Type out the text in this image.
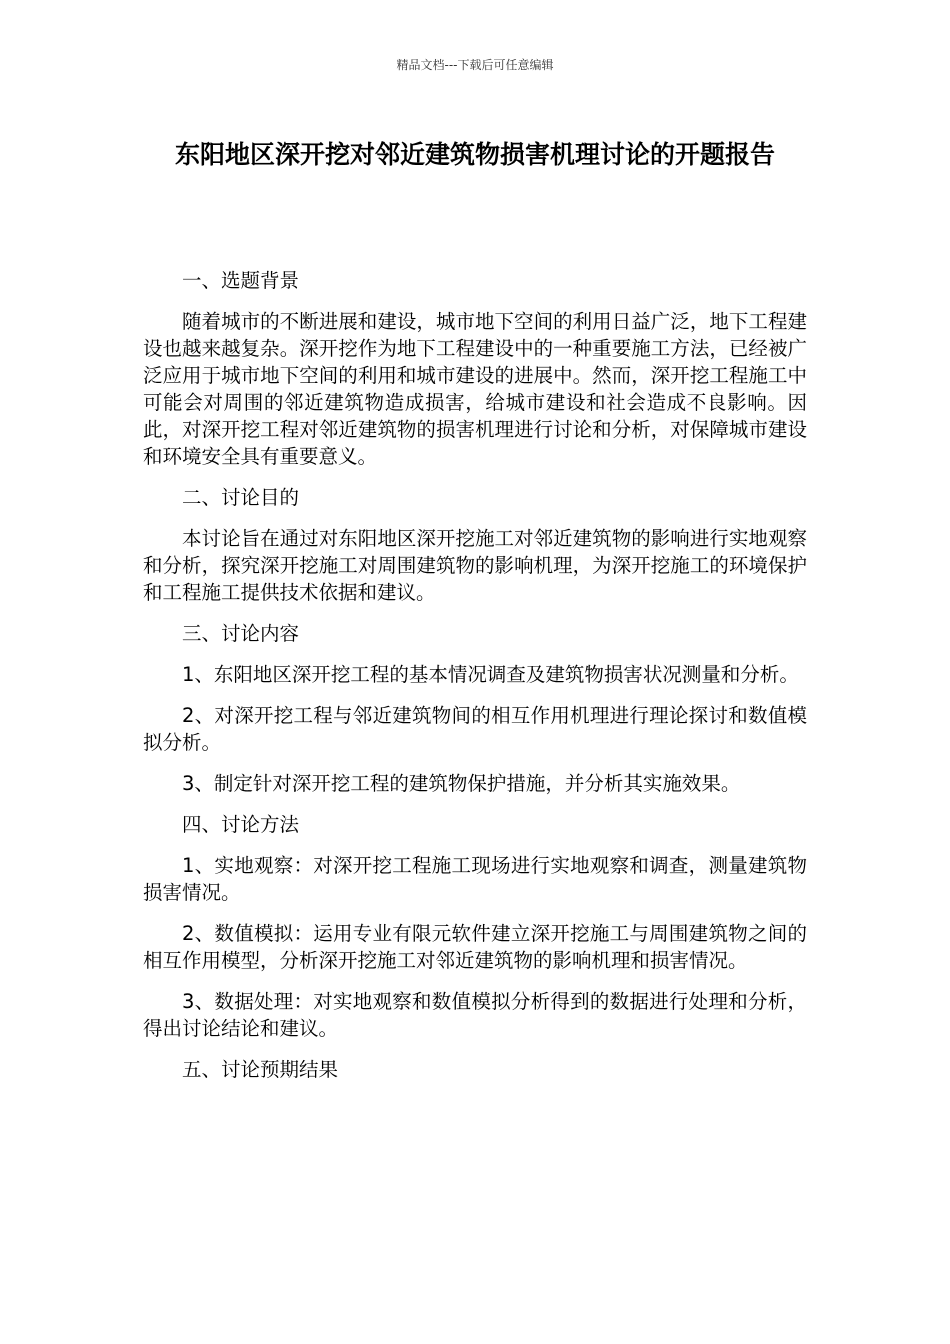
精品文档---下载后可任意编辑
东阳地区深开挖对邻近建筑物损害机理讨论的开题报告

一、选题背景

随着城市的不断进展和建设，城市地下空间的利用日益广泛，地下工程建设也越来越复杂。深开挖作为地下工程建设中的一种重要施工方法，已经被广泛应用于城市地下空间的利用和城市建设的进展中。然而，深开挖工程施工中可能会对周围的邻近建筑物造成损害，给城市建设和社会造成不良影响。因此，对深开挖工程对邻近建筑物的损害机理进行讨论和分析，对保障城市建设和环境安全具有重要意义。

二、讨论目的

本讨论旨在通过对东阳地区深开挖施工对邻近建筑物的影响进行实地观察和分析，探究深开挖施工对周围建筑物的影响机理，为深开挖施工的环境保护和工程施工提供技术依据和建议。

三、讨论内容

1、东阳地区深开挖工程的基本情况调查及建筑物损害状况测量和分析。

2、对深开挖工程与邻近建筑物间的相互作用机理进行理论探讨和数值模拟分析。

3、制定针对深开挖工程的建筑物保护措施，并分析其实施效果。

四、讨论方法

1、实地观察：对深开挖工程施工现场进行实地观察和调查，测量建筑物损害情况。

2、数值模拟：运用专业有限元软件建立深开挖施工与周围建筑物之间的相互作用模型，分析深开挖施工对邻近建筑物的影响机理和损害情况。

3、数据处理：对实地观察和数值模拟分析得到的数据进行处理和分析，得出讨论结论和建议。

五、讨论预期结果
